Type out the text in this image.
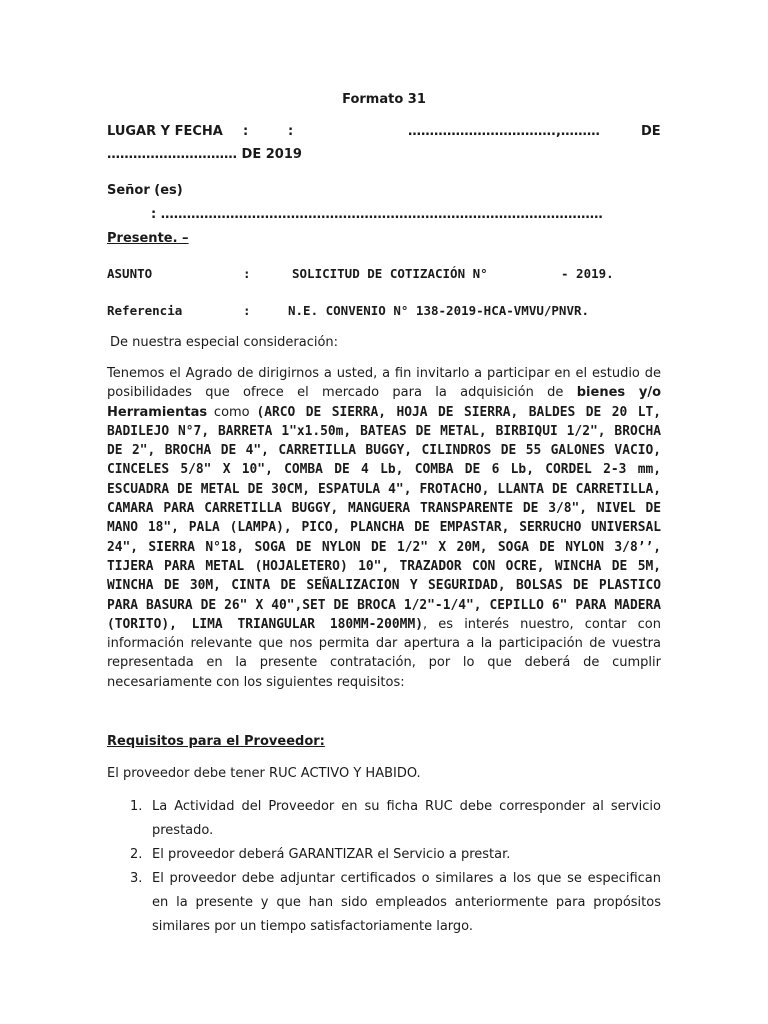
Formato 31
LUGAR Y FECHA :	:	…………………………….,………	DE
………………………… DE 2019
Señor (es)
: …………………………………………………………………………………………
Presente. –
ASUNTO	:	SOLICITUD DE COTIZACIÓN N°	- 2019.
Referencia	:	N.E. CONVENIO N° 138-2019-HCA-VMVU/PNVR.
De nuestra especial consideración:

Tenemos el Agrado de dirigirnos a usted, a fin invitarlo a participar en el estudio de posibilidades que ofrece el mercado para la adquisición de bienes y/o Herramientas como (ARCO DE SIERRA, HOJA DE SIERRA, BALDES DE 20 LT, BADILEJO N°7, BARRETA 1"x1.50m, BATEAS DE METAL, BIRBIQUI 1/2", BROCHA DE 2", BROCHA DE 4", CARRETILLA BUGGY, CILINDROS DE 55 GALONES VACIO, CINCELES 5/8" X 10", COMBA DE 4 Lb, COMBA DE 6 Lb, CORDEL 2-3 mm, ESCUADRA DE METAL DE 30CM, ESPATULA 4", FROTACHO, LLANTA DE CARRETILLA, CAMARA PARA CARRETILLA BUGGY, MANGUERA TRANSPARENTE DE 3/8", NIVEL DE MANO 18", PALA (LAMPA), PICO, PLANCHA DE EMPASTAR, SERRUCHO UNIVERSAL 24", SIERRA N°18, SOGA DE NYLON DE 1/2" X 20M, SOGA DE NYLON 3/8’’, TIJERA PARA METAL (HOJALETERO) 10", TRAZADOR CON OCRE, WINCHA DE 5M, WINCHA DE 30M, CINTA DE SEÑALIZACION Y SEGURIDAD, BOLSAS DE PLASTICO PARA BASURA DE 26" X 40",SET DE BROCA 1/2"-1/4", CEPILLO 6" PARA MADERA (TORITO), LIMA TRIANGULAR 180MM-200MM), es interés nuestro, contar con información relevante que nos permita dar apertura a la participación de vuestra representada en la presente contratación, por lo que deberá de cumplir necesariamente con los siguientes requisitos:

Requisitos para el Proveedor:
El proveedor debe tener RUC ACTIVO Y HABIDO.
1. La Actividad del Proveedor en su ficha RUC debe corresponder al servicio prestado.
2. El proveedor deberá GARANTIZAR el Servicio a prestar.
3. El proveedor debe adjuntar certificados o similares a los que se especifican en la presente y que han sido empleados anteriormente para propósitos similares por un tiempo satisfactoriamente largo.
